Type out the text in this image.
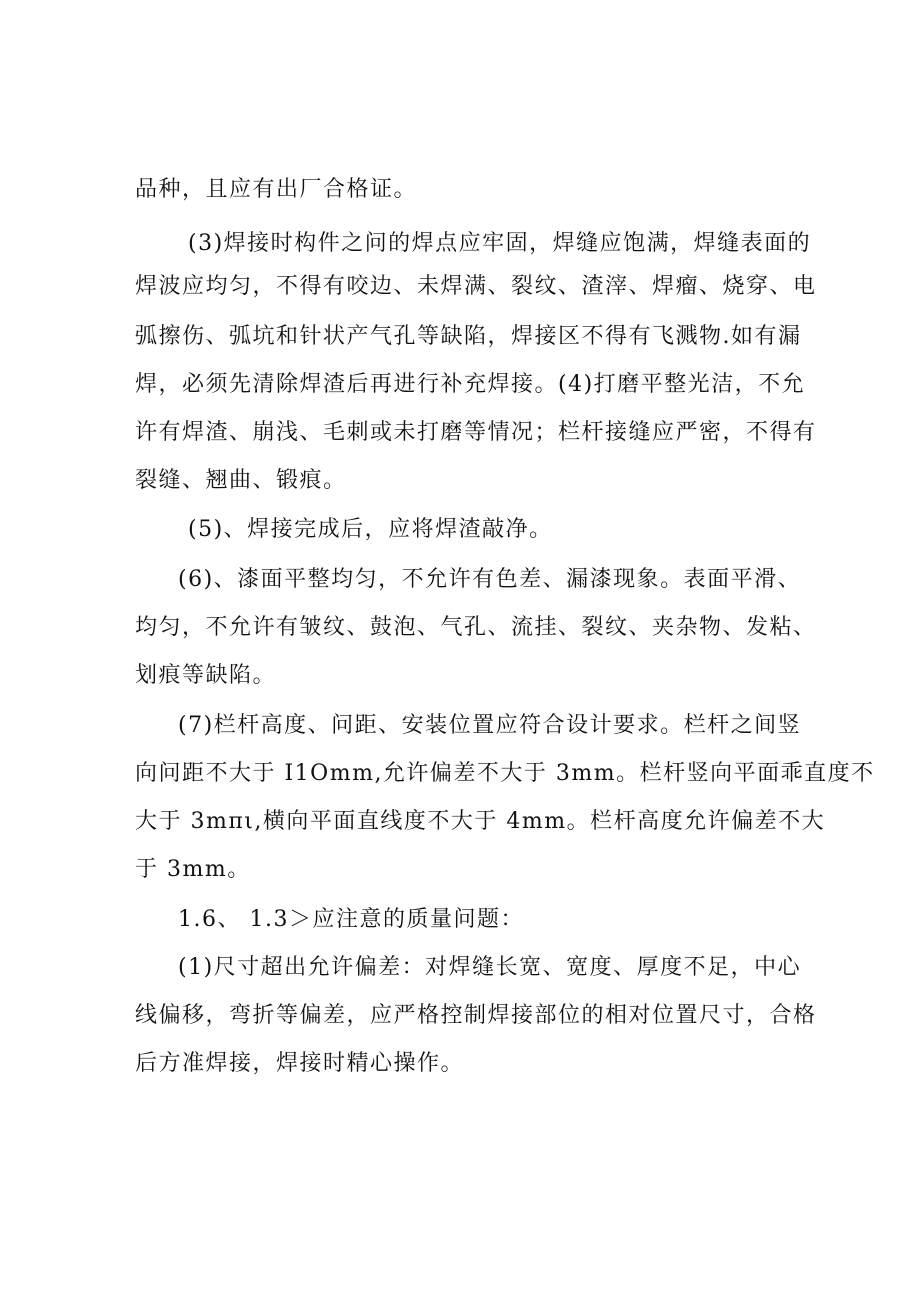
品种，且应有出厂合格证。
(3)焊接时构件之问的焊点应牢固，焊缝应饱满，焊缝表面的
焊波应均匀，不得有咬边、未焊满、裂纹、渣滓、焊瘤、烧穿、电
弧擦伤、弧坑和针状产气孔等缺陷，焊接区不得有飞溅物.如有漏
焊，必须先清除焊渣后再进行补充焊接。(4)打磨平整光洁，不允
许有焊渣、崩浅、毛刺或未打磨等情况；栏杆接缝应严密，不得有
裂缝、翘曲、锻痕。
(5)、焊接完成后，应将焊渣敲净。
(6)、漆面平整均匀，不允许有色差、漏漆现象。表面平滑、
均匀，不允许有皱纹、鼓泡、气孔、流挂、裂纹、夹杂物、发粘、
划痕等缺陷。
(7)栏杆高度、问距、安装位置应符合设计要求。栏杆之间竖
向问距不大于 I1Omm,允许偏差不大于 3mm。栏杆竖向平面乖直度不
大于 3mπι,横向平面直线度不大于 4mm。栏杆高度允许偏差不大
于 3mm。
1.6、 1.3＞应注意的质量问题：
(1)尺寸超出允许偏差：对焊缝长宽、宽度、厚度不足，中心
线偏移，弯折等偏差，应严格控制焊接部位的相对位置尺寸，合格
后方准焊接，焊接时精心操作。
